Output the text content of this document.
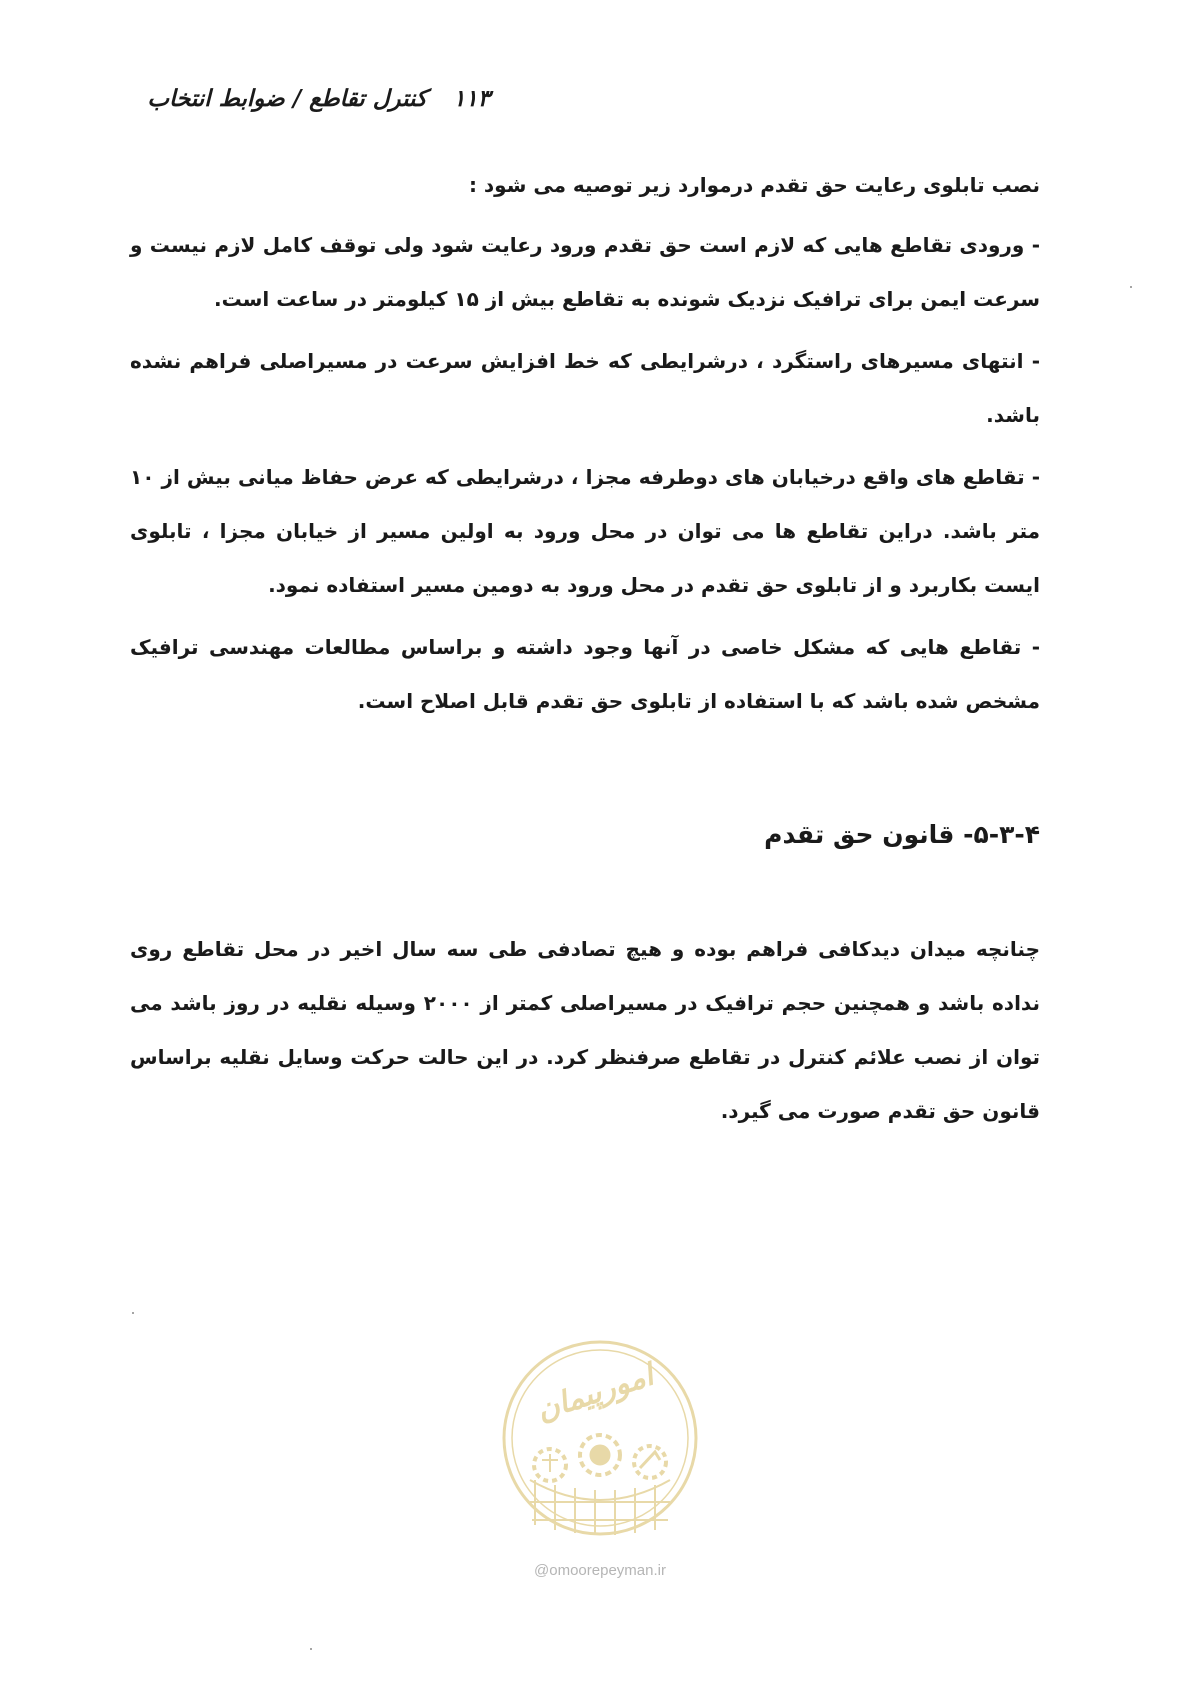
۱۱۳
کنترل تقاطع / ضوابط انتخاب

نصب تابلوی رعایت حق تقدم درموارد زیر توصیه می شود :

- ورودی تقاطع هایی که لازم است حق تقدم ورود رعایت شود ولی توقف کامل لازم نیست و سرعت ایمن برای ترافیک نزدیک شونده به تقاطع بیش از ۱۵ کیلومتر در ساعت است.

- انتهای مسیرهای راستگرد ، درشرایطی که خط افزایش سرعت در مسیراصلی فراهم نشده باشد.

- تقاطع های واقع درخیابان های دوطرفه مجزا ، درشرایطی که عرض حفاظ میانی بیش از ۱۰ متر باشد. دراین تقاطع ها می توان در محل ورود به اولین مسیر از خیابان مجزا ، تابلوی ایست بکاربرد و از تابلوی حق تقدم در محل ورود به دومین مسیر استفاده نمود.

- تقاطع هایی که مشکل خاصی در آنها وجود داشته و براساس مطالعات مهندسی ترافیک مشخص شده باشد که با استفاده از تابلوی حق تقدم قابل اصلاح است.

۵-۳-۴- قانون حق تقدم

چنانچه میدان دیدکافی فراهم بوده و هیچ تصادفی طی سه سال اخیر در محل تقاطع روی نداده باشد و همچنین حجم ترافیک در مسیراصلی کمتر از ۲۰۰۰ وسیله نقلیه در روز باشد می توان از نصب علائم کنترل در تقاطع صرفنظر کرد. در این حالت حرکت وسایل نقلیه براساس قانون حق تقدم صورت می گیرد.

امورپیمان
@omoorepeyman.ir
